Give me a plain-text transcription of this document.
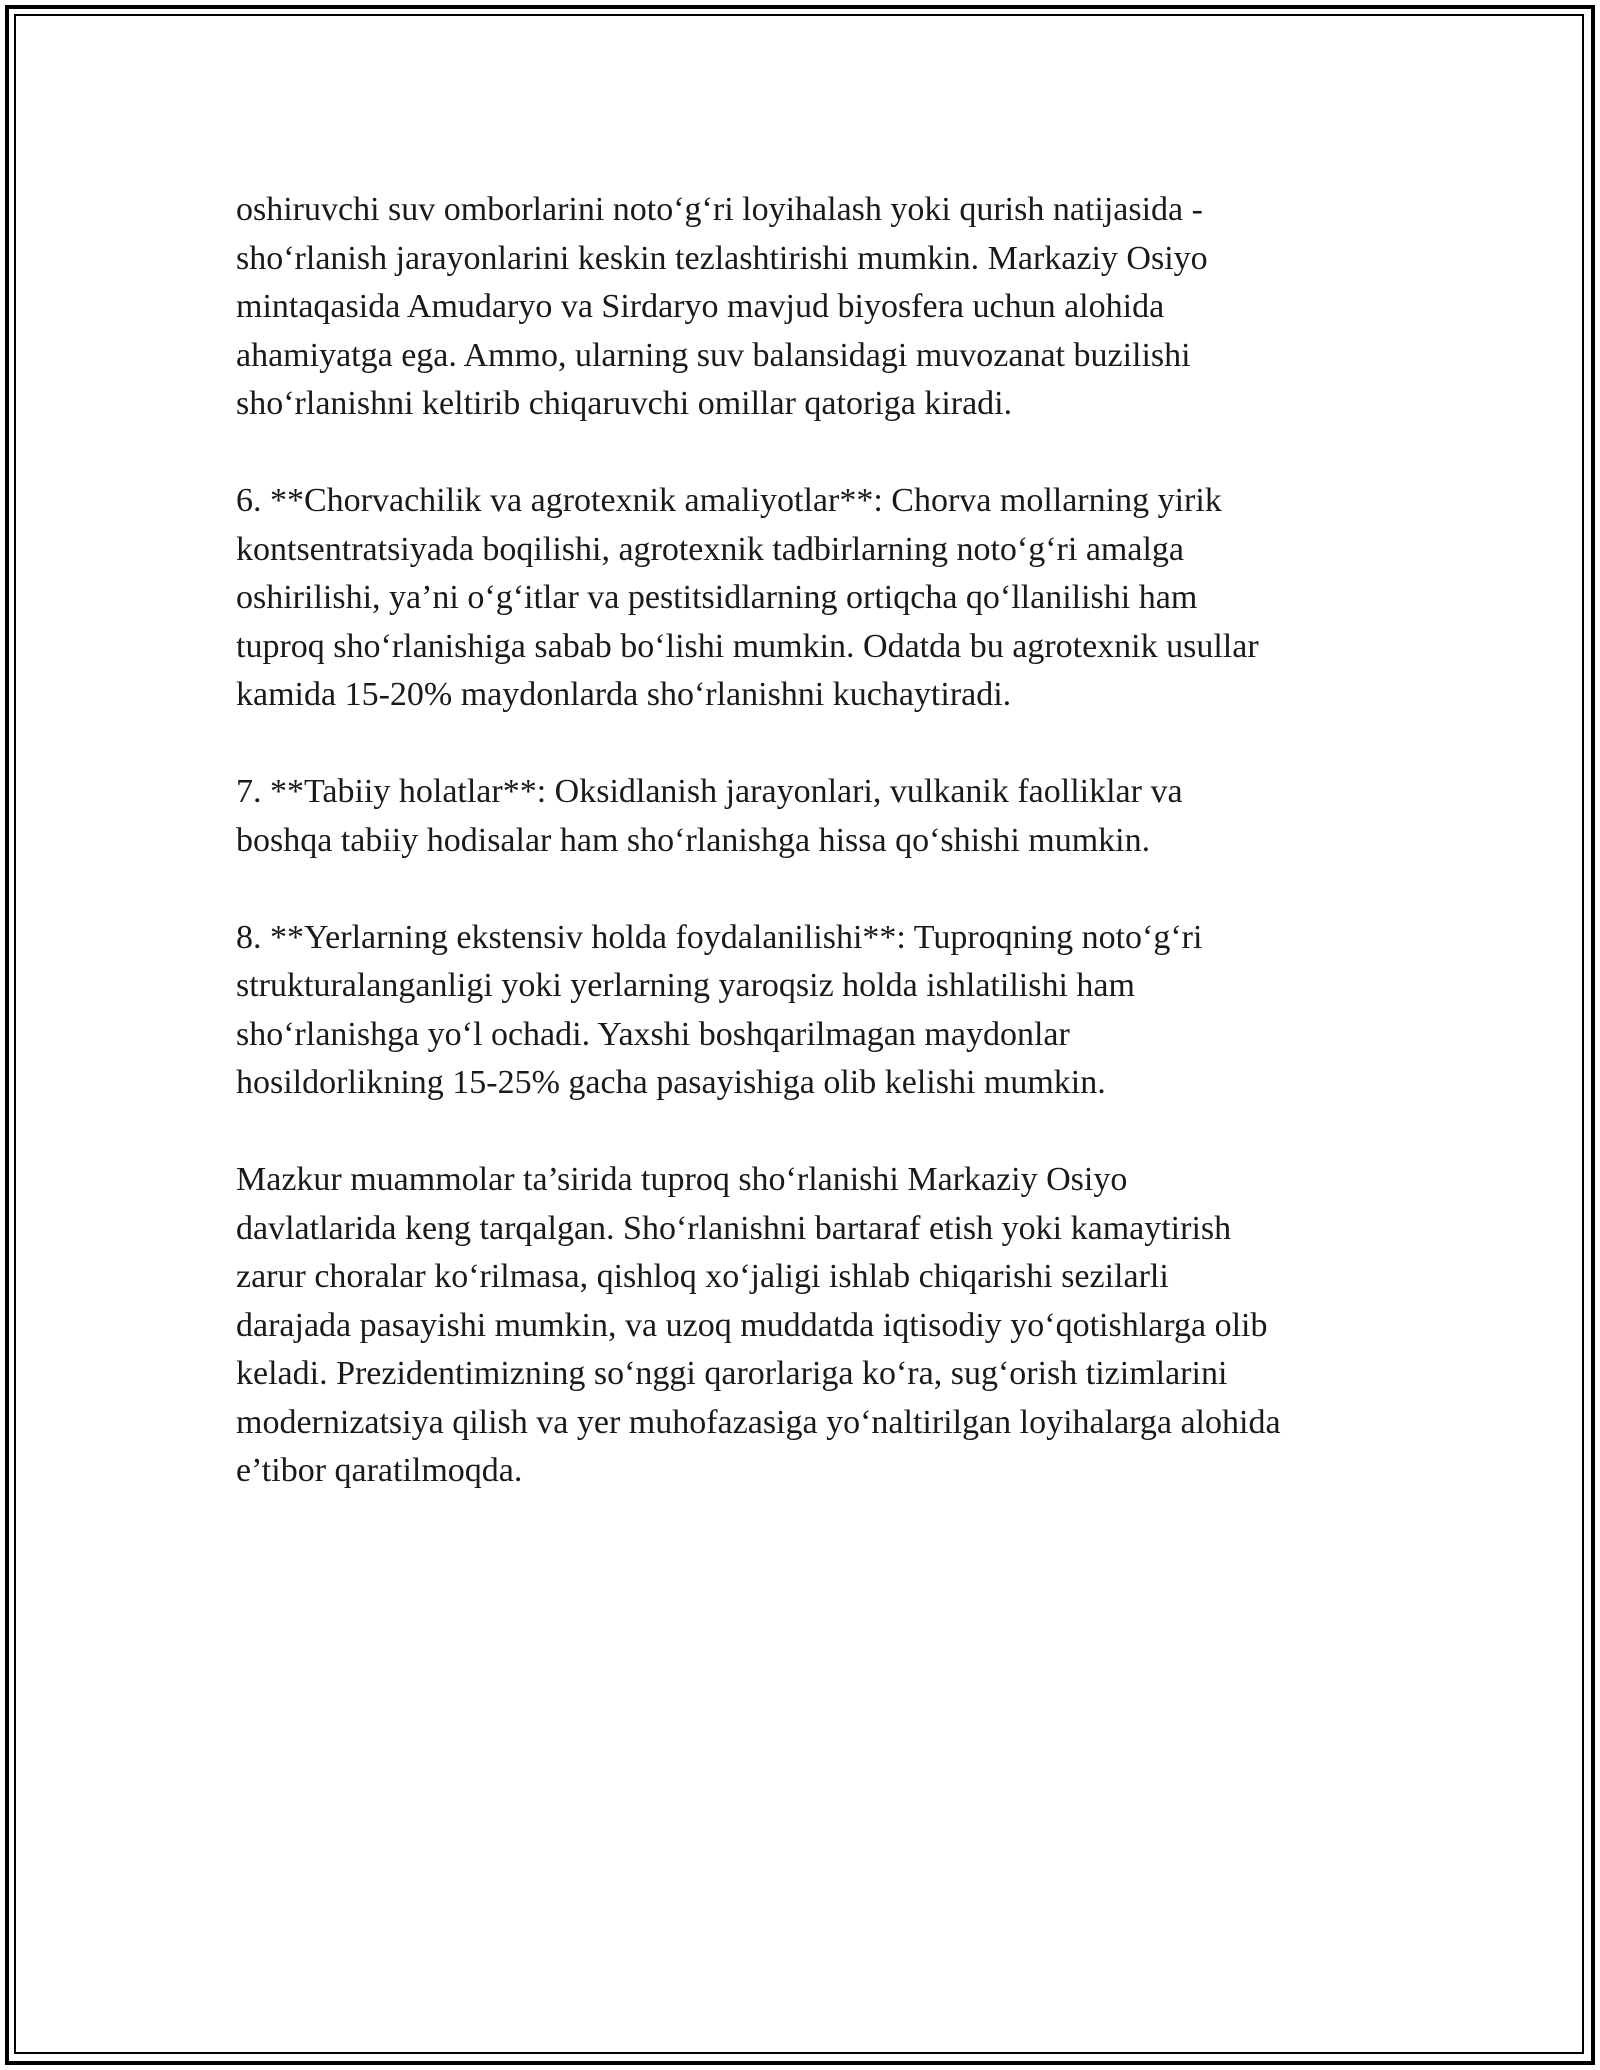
oshiruvchi suv omborlarini noto‘g‘ri loyihalash yoki qurish natijasida -
sho‘rlanish jarayonlarini keskin tezlashtirishi mumkin. Markaziy Osiyo
mintaqasida Amudaryo va Sirdaryo mavjud biyosfera uchun alohida
ahamiyatga ega. Ammo, ularning suv balansidagi muvozanat buzilishi
sho‘rlanishni keltirib chiqaruvchi omillar qatoriga kiradi.
6. **Chorvachilik va agrotexnik amaliyotlar**: Chorva mollarning yirik
kontsentratsiyada boqilishi, agrotexnik tadbirlarning noto‘g‘ri amalga
oshirilishi, ya’ni o‘g‘itlar va pestitsidlarning ortiqcha qo‘llanilishi ham
tuproq sho‘rlanishiga sabab bo‘lishi mumkin. Odatda bu agrotexnik usullar
kamida 15-20% maydonlarda sho‘rlanishni kuchaytiradi.
7. **Tabiiy holatlar**: Oksidlanish jarayonlari, vulkanik faolliklar va
boshqa tabiiy hodisalar ham sho‘rlanishga hissa qo‘shishi mumkin.
8. **Yerlarning ekstensiv holda foydalanilishi**: Tuproqning noto‘g‘ri
strukturalanganligi yoki yerlarning yaroqsiz holda ishlatilishi ham
sho‘rlanishga yo‘l ochadi. Yaxshi boshqarilmagan maydonlar
hosildorlikning 15-25% gacha pasayishiga olib kelishi mumkin.
Mazkur muammolar ta’sirida tuproq sho‘rlanishi Markaziy Osiyo
davlatlarida keng tarqalgan. Sho‘rlanishni bartaraf etish yoki kamaytirish
zarur choralar ko‘rilmasa, qishloq xo‘jaligi ishlab chiqarishi sezilarli
darajada pasayishi mumkin, va uzoq muddatda iqtisodiy yo‘qotishlarga olib
keladi. Prezidentimizning so‘nggi qarorlariga ko‘ra, sug‘orish tizimlarini
modernizatsiya qilish va yer muhofazasiga yo‘naltirilgan loyihalarga alohida
e’tibor qaratilmoqda.
